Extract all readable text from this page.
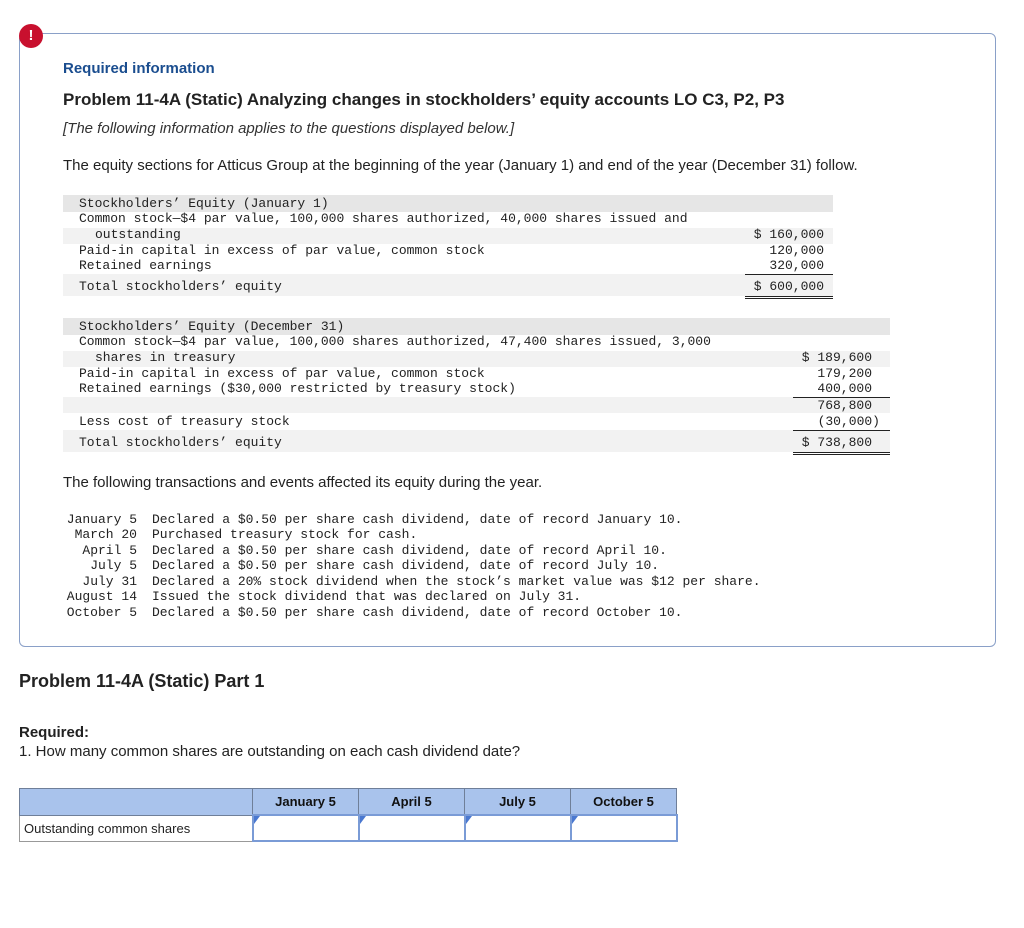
!
Required information
Problem 11-4A (Static) Analyzing changes in stockholders’ equity accounts LO C3, P2, P3
[The following information applies to the questions displayed below.]
The equity sections for Atticus Group at the beginning of the year (January 1) and end of the year (December 31) follow.
Stockholders’ Equity (January 1)
Common stock—$4 par value, 100,000 shares authorized, 40,000 shares issued and
outstanding	$ 160,000
Paid-in capital in excess of par value, common stock	120,000
Retained earnings	320,000
Total stockholders’ equity	$ 600,000
Stockholders’ Equity (December 31)
Common stock—$4 par value, 100,000 shares authorized, 47,400 shares issued, 3,000
shares in treasury	$ 189,600
Paid-in capital in excess of par value, common stock	179,200
Retained earnings ($30,000 restricted by treasury stock)	400,000
768,800
Less cost of treasury stock	(30,000)
Total stockholders’ equity	$ 738,800
The following transactions and events affected its equity during the year.
January 5 Declared a $0.50 per share cash dividend, date of record January 10.
March 20 Purchased treasury stock for cash.
April 5 Declared a $0.50 per share cash dividend, date of record April 10.
July 5 Declared a $0.50 per share cash dividend, date of record July 10.
July 31 Declared a 20% stock dividend when the stock’s market value was $12 per share.
August 14 Issued the stock dividend that was declared on July 31.
October 5 Declared a $0.50 per share cash dividend, date of record October 10.
Problem 11-4A (Static) Part 1
Required:
1. How many common shares are outstanding on each cash dividend date?
	January 5	April 5	July 5	October 5
Outstanding common shares	
